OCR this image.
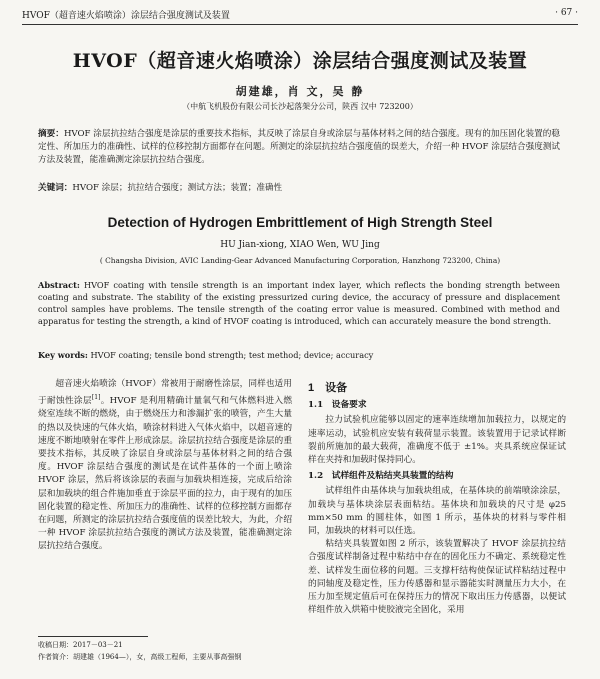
HVOF（超音速火焰喷涂）涂层结合强度测试及装置	· 67 ·
HVOF（超音速火焰喷涂）涂层结合强度测试及装置
胡建雄，肖 文，吴 静
（中航飞机股份有限公司长沙起落架分公司，陕西 汉中 723200）
摘要：HVOF 涂层抗拉结合强度是涂层的重要技术指标，其反映了涂层自身或涂层与基体材料之间的结合强度。现有的加压固化装置的稳定性、所加压力的准确性、试样的位移控制方面都存在问题。所测定的涂层抗拉结合强度值的误差大，介绍一种 HVOF 涂层结合强度测试方法及装置，能准确测定涂层抗拉结合强度。
关键词：HVOF 涂层；抗拉结合强度；测试方法；装置；准确性
Detection of Hydrogen Embrittlement of High Strength Steel
HU Jian-xiong, XIAO Wen, WU Jing
( Changsha Division, AVIC Landing-Gear Advanced Manufacturing Corporation, Hanzhong 723200, China)
Abstract: HVOF coating with tensile strength is an important index layer, which reflects the bonding strength between coating and substrate. The stability of the existing pressurized curing device, the accuracy of pressure and displacement control samples have problems. The tensile strength of the coating error value is measured. Combined with method and apparatus for testing the strength, a kind of HVOF coating is introduced, which can accurately measure the bond strength.
Key words: HVOF coating; tensile bond strength; test method; device; accuracy

超音速火焰喷涂（HVOF）常被用于耐磨性涂层，同样也适用于耐蚀性涂层[1]。HVOF 是利用精确计量氧气和气体燃料进入燃烧室连续不断的燃烧，由于燃烧压力和渗漏扩张的喷管，产生大量的热以及快速的气体火焰，喷涂材料进入气体火焰中，以超音速的速度不断地喷射在零件上形成涂层。涂层抗拉结合强度是涂层的重要技术指标，其反映了涂层自身或涂层与基体材料之间的结合强度。HVOF 涂层结合强度的测试是在试件基体的一个面上喷涂 HVOF 涂层，然后将该涂层的表面与加载块相连接，完成后给涂层和加载块的组合件施加垂直于涂层平面的拉力，由于现有的加压固化装置的稳定性、所加压力的准确性、试样的位移控制方面都存在问题，所测定的涂层抗拉结合强度值的误差比较大，为此，介绍一种 HVOF 涂层抗拉结合强度的测试方法及装置，能准确测定涂层抗拉结合强度。

收稿日期：2017－03－21
作者简介：胡建雄（1964—），女，高级工程师，主要从事高强钢
1　设备
1.1　设备要求

拉力试验机应能够以固定的速率连续增加加载拉力，以规定的速率运动，试验机应安装有载荷显示装置。该装置用于记录试样断裂前所施加的最大载荷，准确度不低于 ±1%。夹具系统应保证试样在夹持和加载时保持同心。

1.2　试样组件及粘结夹具装置的结构

试样组件由基体块与加载块组成，在基体块的前端喷涂涂层，加载块与基体块涂层表面粘结。基体块和加载块的尺寸是 φ25 mm×50 mm 的圆柱体，如图 1 所示，基体块的材料与零件相同，加载块的材料可以任选。

粘结夹具装置如图 2 所示，该装置解决了 HVOF 涂层抗拉结合强度试样制备过程中粘结中存在的固化压力不确定、系统稳定性差、试样发生面位移的问题。三支撑杆结构使保证试样粘结过程中的同轴度及稳定性，压力传感器和显示器能实时测量压力大小，在压力加至规定值后可在保持压力的情况下取出压力传感器，以便试样组件放入烘箱中使胶液完全固化，采用
